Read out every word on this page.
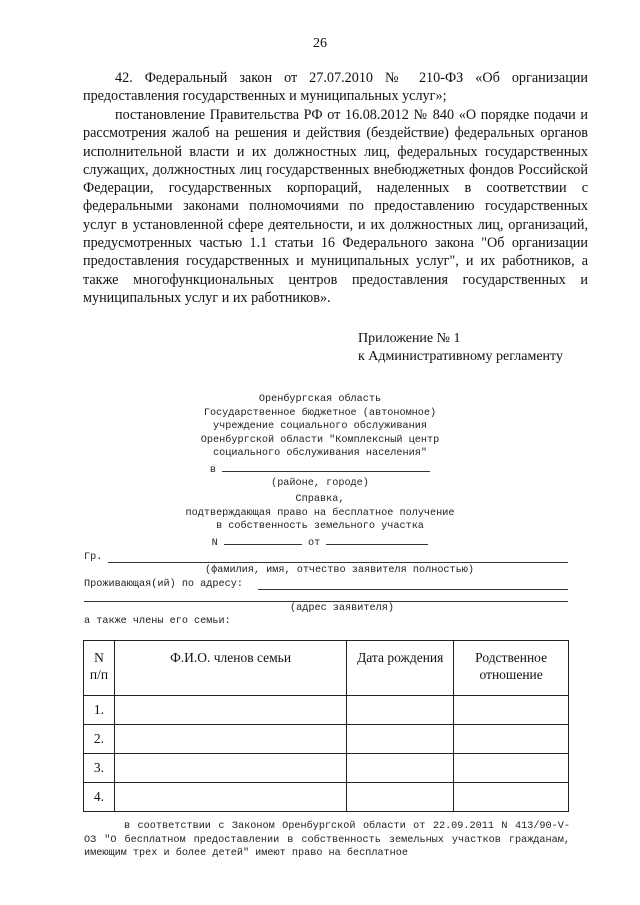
26

42. Федеральный закон от 27.07.2010 № 210-ФЗ «Об организации предоставления государственных и муниципальных услуг»;

постановление Правительства РФ от 16.08.2012 № 840 «О порядке подачи и рассмотрения жалоб на решения и действия (бездействие) федеральных органов исполнительной власти и их должностных лиц, федеральных государственных служащих, должностных лиц государственных внебюджетных фондов Российской Федерации, государственных корпораций, наделенных в соответствии с федеральными законами полномочиями по предоставлению государственных услуг в установленной сфере деятельности, и их должностных лиц, организаций, предусмотренных частью 1.1 статьи 16 Федерального закона "Об организации предоставления государственных и муниципальных услуг", и их работников, а также многофункциональных центров предоставления государственных и муниципальных услуг и их работников».

Приложение № 1
к Административному регламенту
Оренбургская область
Государственное бюджетное (автономное)
учреждение социального обслуживания
Оренбургской области "Комплексный центр
социального обслуживания населения"
в
(районе, городе)
Справка,
подтверждающая право на бесплатное получение
в собственность земельного участка
N	от
Гр.
(фамилия, имя, отчество заявителя полностью)
Проживающая(ий) по адресу:
(адрес заявителя)
а также члены его семьи:
N п/п	Ф.И.О. членов семьи	Дата рождения	Родственное отношение
1.			
2.			
3.			
4.			

в соответствии с Законом Оренбургской области от 22.09.2011 N 413/90-V-ОЗ "О бесплатном предоставлении в собственность земельных участков гражданам, имеющим трех и более детей" имеют право на бесплатное
